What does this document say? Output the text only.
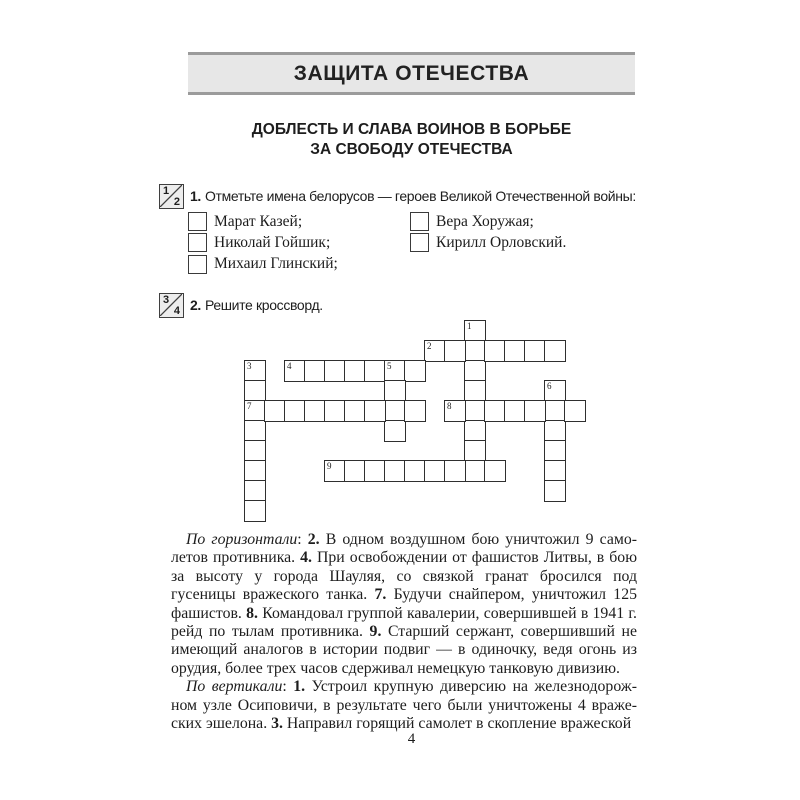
ЗАЩИТА ОТЕЧЕСТВА
ДОБЛЕСТЬ И СЛАВА ВОИНОВ В БОРЬБЕ
ЗА СВОБОДУ ОТЕЧЕСТВА
1
2 1. Отметьте имена белорусов — героев Великой Отечественной войны:
Марат Казей;
Николай Гойшик;
Михаил Глинский;
Вера Хоружая;
Кирилл Орловский.
3
4 2. Решите кроссворд.
1
2
3
7
4	5
6
8
9

По горизонтали: 2. В одном воздушном бою уничтожил 9 самолетов противника. 4. При освобождении от фашистов Литвы, в бою за высоту у города Шауляя, со связкой гранат бросился под гусеницы вражеского танка. 7. Будучи снайпером, уничтожил 125 фашистов. 8. Командовал группой кавалерии, совершившей в 1941 г. рейд по тылам противника. 9. Старший сержант, совершивший не имеющий аналогов в истории подвиг — в одиночку, ведя огонь из орудия, более трех часов сдерживал немецкую танковую дивизию.

По вертикали: 1. Устроил крупную диверсию на железнодорожном узле Осиповичи, в результате чего были уничтожены 4 вражеских эшелона. 3. Направил горящий самолет в скопление вражеской

4
